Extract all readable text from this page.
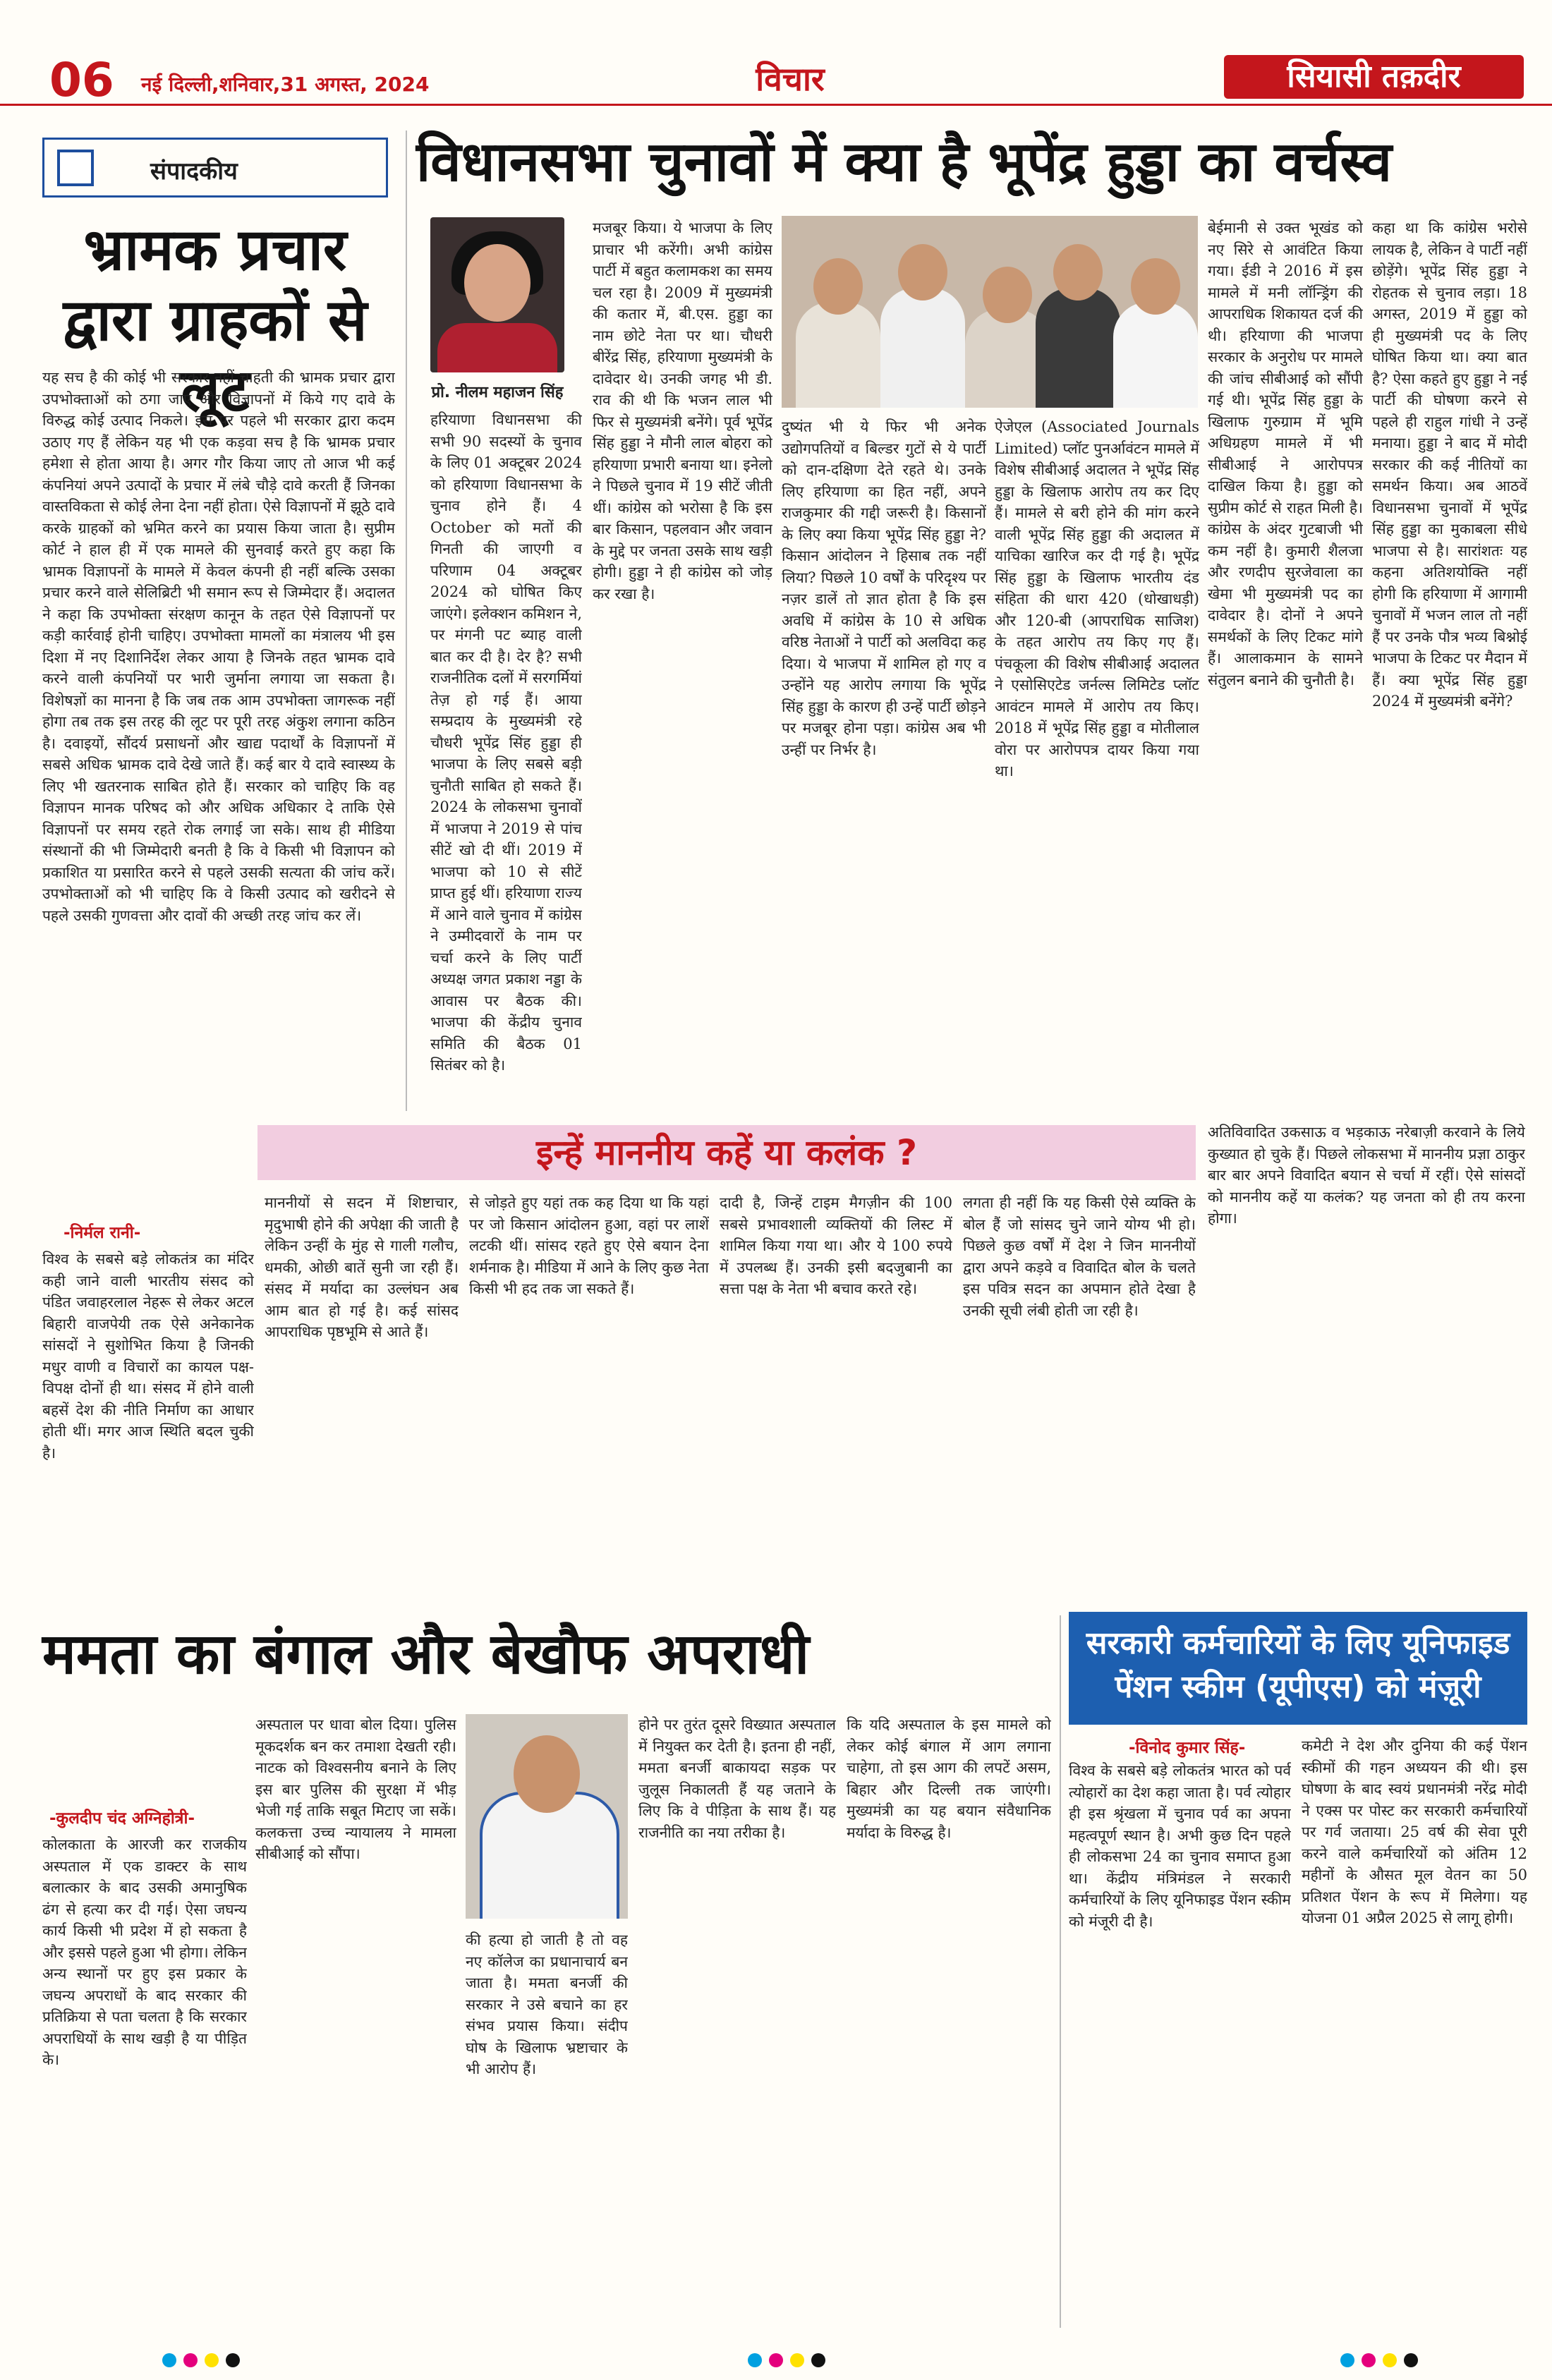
06 नई दिल्ली,शनिवार,31 अगस्त, 2024	विचार	सियासी तक़दीर
संपादकीय
भ्रामक प्रचार द्वारा ग्राहकों से लूट
यह सच है की कोई भी सरकार नहीं चाहती की भ्रामक प्रचार द्वारा उपभोक्ताओं को ठगा जाए और विज्ञापनों में किये गए दावे के विरुद्ध कोई उत्पाद निकले। इस पर पहले भी सरकार द्वारा कदम उठाए गए हैं लेकिन यह भी एक कड़वा सच है कि भ्रामक प्रचार हमेशा से होता आया है। अगर गौर किया जाए तो आज भी कई कंपनियां अपने उत्पादों के प्रचार में लंबे चौड़े दावे करती हैं जिनका वास्तविकता से कोई लेना देना नहीं होता। ऐसे विज्ञापनों में झूठे दावे करके ग्राहकों को भ्रमित करने का प्रयास किया जाता है। सुप्रीम कोर्ट ने हाल ही में एक मामले की सुनवाई करते हुए कहा कि भ्रामक विज्ञापनों के मामले में केवल कंपनी ही नहीं बल्कि उसका प्रचार करने वाले सेलिब्रिटी भी समान रूप से जिम्मेदार हैं। अदालत ने कहा कि उपभोक्ता संरक्षण कानून के तहत ऐसे विज्ञापनों पर कड़ी कार्रवाई होनी चाहिए। उपभोक्ता मामलों का मंत्रालय भी इस दिशा में नए दिशानिर्देश लेकर आया है जिनके तहत भ्रामक दावे करने वाली कंपनियों पर भारी जुर्माना लगाया जा सकता है। विशेषज्ञों का मानना है कि जब तक आम उपभोक्ता जागरूक नहीं होगा तब तक इस तरह की लूट पर पूरी तरह अंकुश लगाना कठिन है। दवाइयों, सौंदर्य प्रसाधनों और खाद्य पदार्थों के विज्ञापनों में सबसे अधिक भ्रामक दावे देखे जाते हैं। कई बार ये दावे स्वास्थ्य के लिए भी खतरनाक साबित होते हैं। सरकार को चाहिए कि वह विज्ञापन मानक परिषद को और अधिक अधिकार दे ताकि ऐसे विज्ञापनों पर समय रहते रोक लगाई जा सके। साथ ही मीडिया संस्थानों की भी जिम्मेदारी बनती है कि वे किसी भी विज्ञापन को प्रकाशित या प्रसारित करने से पहले उसकी सत्यता की जांच करें। उपभोक्ताओं को भी चाहिए कि वे किसी उत्पाद को खरीदने से पहले उसकी गुणवत्ता और दावों की अच्छी तरह जांच कर लें।
विधानसभा चुनावों में क्या है भूपेंद्र हुड्डा का वर्चस्व
प्रो. नीलम महाजन सिंह
हरियाणा विधानसभा की सभी 90 सदस्यों के चुनाव के लिए 01 अक्टूबर 2024 को हरियाणा विधानसभा के चुनाव होने हैं। 4 October को मतों की गिनती की जाएगी व परिणाम 04 अक्टूबर 2024 को घोषित किए जाएंगे। इलेक्शन कमिशन ने, पर मंगनी पट ब्याह वाली बात कर दी है। देर है? सभी राजनीतिक दलों में सरगर्मियां तेज़ हो गई हैं। आया सम्प्रदाय के मुख्यमंत्री रहे चौधरी भूपेंद्र सिंह हुड्डा ही भाजपा के लिए सबसे बड़ी चुनौती साबित हो सकते हैं। 2024 के लोकसभा चुनावों में भाजपा ने 2019 से पांच सीटें खो दी थीं। 2019 में भाजपा को 10 से सीटें प्राप्त हुई थीं। हरियाणा राज्य में आने वाले चुनाव में कांग्रेस ने उम्मीदवारों के नाम पर चर्चा करने के लिए पार्टी अध्यक्ष जगत प्रकाश नड्डा के आवास पर बैठक की। भाजपा की केंद्रीय चुनाव समिति की बैठक 01 सितंबर को है।
मजबूर किया। ये भाजपा के लिए प्राचार भी करेंगी। अभी कांग्रेस पार्टी में बहुत कलामकश का समय चल रहा है। 2009 में मुख्यमंत्री की कतार में, बी.एस. हुड्डा का नाम छोटे नेता पर था। चौधरी बीरेंद्र सिंह, हरियाणा मुख्यमंत्री के दावेदार थे। उनकी जगह भी डी. राव की थी कि भजन लाल भी फिर से मुख्यमंत्री बनेंगे। पूर्व भूपेंद्र सिंह हुड्डा ने मौनी लाल बोहरा को हरियाणा प्रभारी बनाया था। इनेलो ने पिछले चुनाव में 19 सीटें जीती थीं। कांग्रेस को भरोसा है कि इस बार किसान, पहलवान और जवान के मुद्दे पर जनता उसके साथ खड़ी होगी। हुड्डा ने ही कांग्रेस को जोड़ कर रखा है।
दुष्यंत भी ये फिर भी अनेक उद्योगपतियों व बिल्डर गुटों से ये पार्टी को दान-दक्षिणा देते रहते थे। उनके लिए हरियाणा का हित नहीं, अपने राजकुमार की गद्दी जरूरी है। किसानों के लिए क्या किया भूपेंद्र सिंह हुड्डा ने? किसान आंदोलन ने हिसाब तक नहीं लिया? पिछले 10 वर्षों के परिदृश्य पर नज़र डालें तो ज्ञात होता है कि इस अवधि में कांग्रेस के 10 से अधिक वरिष्ठ नेताओं ने पार्टी को अलविदा कह दिया। ये भाजपा में शामिल हो गए व उन्होंने यह आरोप लगाया कि भूपेंद्र सिंह हुड्डा के कारण ही उन्हें पार्टी छोड़ने पर मजबूर होना पड़ा। कांग्रेस अब भी उन्हीं पर निर्भर है।
ऐजेएल (Associated Journals Limited) प्लॉट पुनर्आवंटन मामले में विशेष सीबीआई अदालत ने भूपेंद्र सिंह हुड्डा के खिलाफ आरोप तय कर दिए हैं। मामले से बरी होने की मांग करने वाली भूपेंद्र सिंह हुड्डा की अदालत में याचिका खारिज कर दी गई है। भूपेंद्र सिंह हुड्डा के खिलाफ भारतीय दंड संहिता की धारा 420 (धोखाधड़ी) और 120-बी (आपराधिक साजिश) के तहत आरोप तय किए गए हैं। पंचकूला की विशेष सीबीआई अदालत ने एसोसिएटेड जर्नल्स लिमिटेड प्लॉट आवंटन मामले में आरोप तय किए। 2018 में भूपेंद्र सिंह हुड्डा व मोतीलाल वोरा पर आरोपपत्र दायर किया गया था।
बेईमानी से उक्त भूखंड को नए सिरे से आवंटित किया गया। ईडी ने 2016 में इस मामले में मनी लॉन्ड्रिंग की आपराधिक शिकायत दर्ज की थी। हरियाणा की भाजपा सरकार के अनुरोध पर मामले की जांच सीबीआई को सौंपी गई थी। भूपेंद्र सिंह हुड्डा के खिलाफ गुरुग्राम में भूमि अधिग्रहण मामले में भी सीबीआई ने आरोपपत्र दाखिल किया है। हुड्डा को सुप्रीम कोर्ट से राहत मिली है। कांग्रेस के अंदर गुटबाजी भी कम नहीं है। कुमारी शैलजा और रणदीप सुरजेवाला का खेमा भी मुख्यमंत्री पद का दावेदार है। दोनों ने अपने समर्थकों के लिए टिकट मांगे हैं। आलाकमान के सामने संतुलन बनाने की चुनौती है।
कहा था कि कांग्रेस भरोसे लायक है, लेकिन वे पार्टी नहीं छोड़ेंगे। भूपेंद्र सिंह हुड्डा ने रोहतक से चुनाव लड़ा। 18 अगस्त, 2019 में हुड्डा को ही मुख्यमंत्री पद के लिए घोषित किया था। क्या बात है? ऐसा कहते हुए हुड्डा ने नई पार्टी की घोषणा करने से पहले ही राहुल गांधी ने उन्हें मनाया। हुड्डा ने बाद में मोदी सरकार की कई नीतियों का समर्थन किया। अब आठवें विधानसभा चुनावों में भूपेंद्र सिंह हुड्डा का मुकाबला सीधे भाजपा से है। सारांशतः यह कहना अतिशयोक्ति नहीं होगी कि हरियाणा में आगामी चुनावों में भजन लाल तो नहीं हैं पर उनके पौत्र भव्य बिश्नोई भाजपा के टिकट पर मैदान में हैं। क्या भूपेंद्र सिंह हुड्डा 2024 में मुख्यमंत्री बनेंगे?
इन्हें माननीय कहें या कलंक ?
-निर्मल रानी-
विश्व के सबसे बड़े लोकतंत्र का मंदिर कही जाने वाली भारतीय संसद को पंडित जवाहरलाल नेहरू से लेकर अटल बिहारी वाजपेयी तक ऐसे अनेकानेक सांसदों ने सुशोभित किया है जिनकी मधुर वाणी व विचारों का कायल पक्ष-विपक्ष दोनों ही था। संसद में होने वाली बहसें देश की नीति निर्माण का आधार होती थीं। मगर आज स्थिति बदल चुकी है।
माननीयों से सदन में शिष्टाचार, मृदुभाषी होने की अपेक्षा की जाती है लेकिन उन्हीं के मुंह से गाली गलौच, धमकी, ओछी बातें सुनी जा रही हैं। संसद में मर्यादा का उल्लंघन अब आम बात हो गई है। कई सांसद आपराधिक पृष्ठभूमि से आते हैं।
से जोड़ते हुए यहां तक कह दिया था कि यहां पर जो किसान आंदोलन हुआ, वहां पर लाशें लटकी थीं। सांसद रहते हुए ऐसे बयान देना शर्मनाक है। मीडिया में आने के लिए कुछ नेता किसी भी हद तक जा सकते हैं।
दादी है, जिन्हें टाइम मैगज़ीन की 100 सबसे प्रभावशाली व्यक्तियों की लिस्ट में शामिल किया गया था। और ये 100 रुपये में उपलब्ध हैं। उनकी इसी बदजुबानी का सत्ता पक्ष के नेता भी बचाव करते रहे।
लगता ही नहीं कि यह किसी ऐसे व्यक्ति के बोल हैं जो सांसद चुने जाने योग्य भी हो। पिछले कुछ वर्षों में देश ने जिन माननीयों द्वारा अपने कड़वे व विवादित बोल के चलते इस पवित्र सदन का अपमान होते देखा है उनकी सूची लंबी होती जा रही है।
अतिविवादित उकसाऊ व भड़काऊ नरेबाज़ी करवाने के लिये कुख्यात हो चुके हैं। पिछले लोकसभा में माननीय प्रज्ञा ठाकुर बार बार अपने विवादित बयान से चर्चा में रहीं। ऐसे सांसदों को माननीय कहें या कलंक? यह जनता को ही तय करना होगा।
ममता का बंगाल और बेखौफ अपराधी
-कुलदीप चंद अग्निहोत्री-
कोलकाता के आरजी कर राजकीय अस्पताल में एक डाक्टर के साथ बलात्कार के बाद उसकी अमानुषिक ढंग से हत्या कर दी गई। ऐसा जघन्य कार्य किसी भी प्रदेश में हो सकता है और इससे पहले हुआ भी होगा। लेकिन अन्य स्थानों पर हुए इस प्रकार के जघन्य अपराधों के बाद सरकार की प्रतिक्रिया से पता चलता है कि सरकार अपराधियों के साथ खड़ी है या पीड़ित के।
अस्पताल पर धावा बोल दिया। पुलिस मूकदर्शक बन कर तमाशा देखती रही। नाटक को विश्वसनीय बनाने के लिए इस बार पुलिस की सुरक्षा में भीड़ भेजी गई ताकि सबूत मिटाए जा सकें। कलकत्ता उच्च न्यायालय ने मामला सीबीआई को सौंपा।
की हत्या हो जाती है तो वह नए कॉलेज का प्रधानाचार्य बन जाता है। ममता बनर्जी की सरकार ने उसे बचाने का हर संभव प्रयास किया। संदीप घोष के खिलाफ भ्रष्टाचार के भी आरोप हैं।
होने पर तुरंत दूसरे विख्यात अस्पताल में नियुक्त कर देती है। इतना ही नहीं, ममता बनर्जी बाकायदा सड़क पर जुलूस निकालती हैं यह जताने के लिए कि वे पीड़िता के साथ हैं। यह राजनीति का नया तरीका है।
कि यदि अस्पताल के इस मामले को लेकर कोई बंगाल में आग लगाना चाहेगा, तो इस आग की लपटें असम, बिहार और दिल्ली तक जाएंगी। मुख्यमंत्री का यह बयान संवैधानिक मर्यादा के विरुद्ध है।
सरकारी कर्मचारियों के लिए यूनिफाइड पेंशन स्कीम (यूपीएस) को मंज़ूरी
-विनोद कुमार सिंह-
विश्व के सबसे बड़े लोकतंत्र भारत को पर्व त्योहारों का देश कहा जाता है। पर्व त्योहार ही इस श्रृंखला में चुनाव पर्व का अपना महत्वपूर्ण स्थान है। अभी कुछ दिन पहले ही लोकसभा 24 का चुनाव समाप्त हुआ था। केंद्रीय मंत्रिमंडल ने सरकारी कर्मचारियों के लिए यूनिफाइड पेंशन स्कीम को मंजूरी दी है।
कमेटी ने देश और दुनिया की कई पेंशन स्कीमों की गहन अध्ययन की थी। इस घोषणा के बाद स्वयं प्रधानमंत्री नरेंद्र मोदी ने एक्स पर पोस्ट कर सरकारी कर्मचारियों पर गर्व जताया। 25 वर्ष की सेवा पूरी करने वाले कर्मचारियों को अंतिम 12 महीनों के औसत मूल वेतन का 50 प्रतिशत पेंशन के रूप में मिलेगा। यह योजना 01 अप्रैल 2025 से लागू होगी।
